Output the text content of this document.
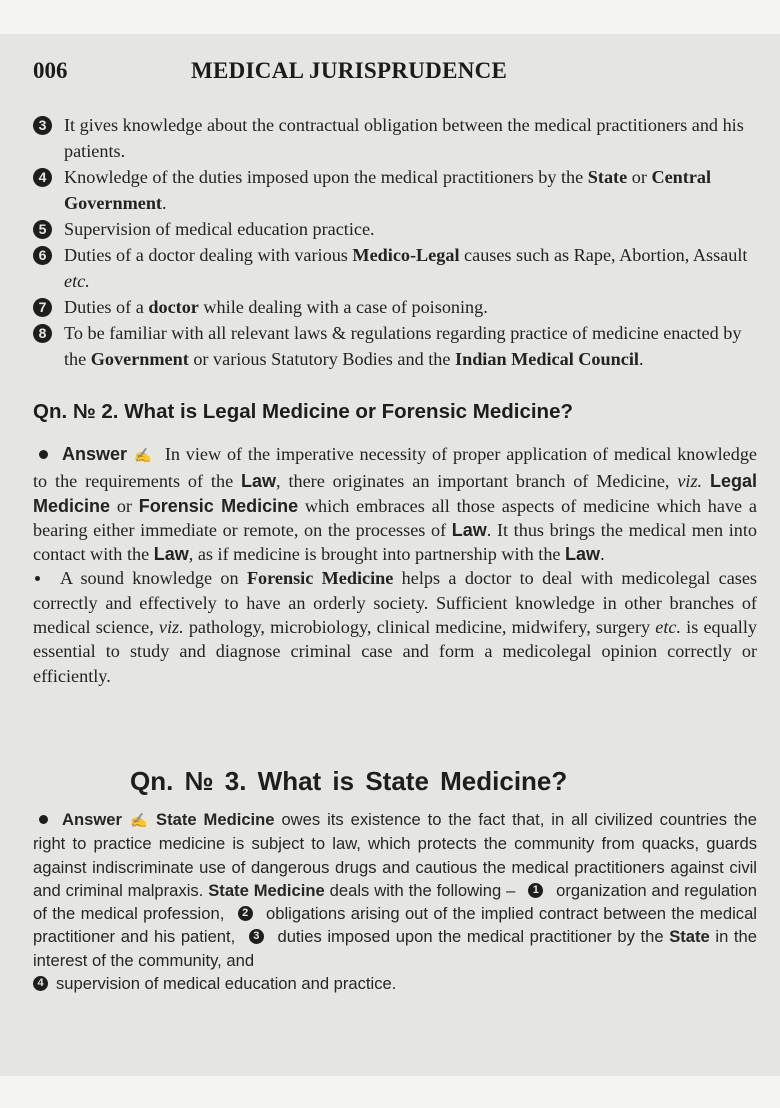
006	MEDICAL JURISPRUDENCE
3 It gives knowledge about the contractual obligation between the medical practitioners and his patients.
4 Knowledge of the duties imposed upon the medical practitioners by the State or Central Government.
5 Supervision of medical education practice.
6 Duties of a doctor dealing with various Medico-Legal causes such as Rape, Abortion, Assault etc.
7 Duties of a doctor while dealing with a case of poisoning.
8 To be familiar with all relevant laws & regulations regarding practice of medicine enacted by the Government or various Statutory Bodies and the Indian Medical Council.
Qn. № 2. What is Legal Medicine or Forensic Medicine?

Answer ✍ In view of the imperative necessity of proper application of medical knowledge to the requirements of the Law, there originates an important branch of Medicine, viz. Legal Medicine or Forensic Medicine which embraces all those aspects of medicine which have a bearing either immediate or remote, on the processes of Law. It thus brings the medical men into contact with the Law, as if medicine is brought into partnership with the Law.

A sound knowledge on Forensic Medicine helps a doctor to deal with medicolegal cases correctly and effectively to have an orderly society. Sufficient knowledge in other branches of medical science, viz. pathology, microbiology, clinical medicine, midwifery, surgery etc. is equally essential to study and diagnose criminal case and form a medicolegal opinion correctly or efficiently.

Qn. № 3. What is State Medicine?

Answer ✍ State Medicine owes its existence to the fact that, in all civilized countries the right to practice medicine is subject to law, which protects the community from quacks, guards against indiscriminate use of dangerous drugs and cautious the medical practitioners against civil and criminal malpraxis. State Medicine deals with the following – 1 organization and regulation of the medical profession, 2 obligations arising out of the implied contract between the medical practitioner and his patient, 3 duties imposed upon the medical practitioner by the State in the interest of the community, and

4 supervision of medical education and practice.
